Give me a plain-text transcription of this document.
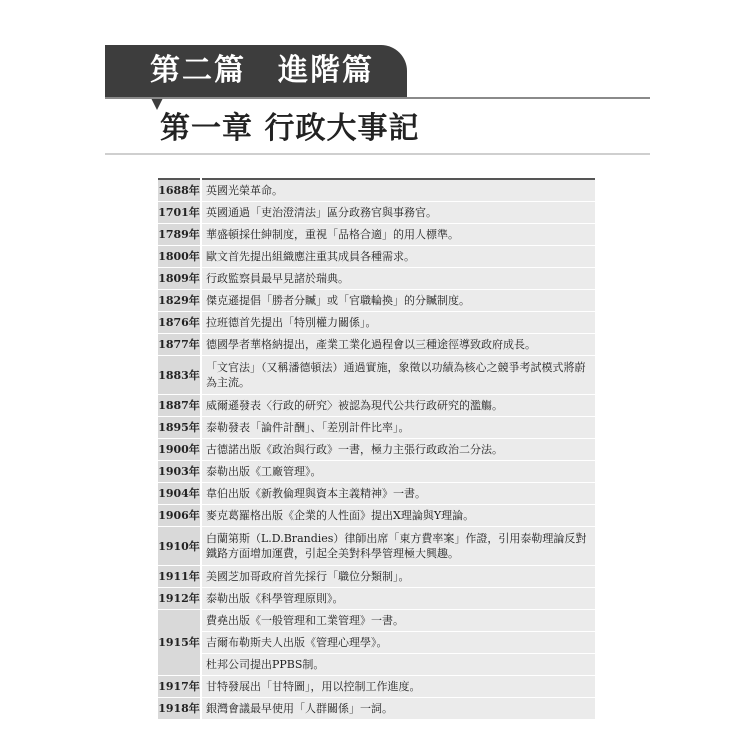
第二篇　進階篇
第一章 行政大事記
1688年	英國光榮革命。
1701年	英國通過「吏治澄清法」區分政務官與事務官。
1789年	華盛頓採仕紳制度，重視「品格合適」的用人標準。
1800年	歐文首先提出組織應注重其成員各種需求。
1809年	行政監察員最早見諸於瑞典。
1829年	傑克遜提倡「勝者分贓」或「官職輪換」的分贓制度。
1876年	拉班德首先提出「特別權力關係」。
1877年	德國學者華格納提出，產業工業化過程會以三種途徑導致政府成長。
1883年	「文官法」（又稱潘德頓法）通過實施，象徵以功績為核心之競爭考試模式將蔚為主流。
1887年	威爾遜發表〈行政的研究〉被認為現代公共行政研究的濫觴。
1895年	泰勒發表「論件計酬」、「差別計件比率」。
1900年	古德諾出版《政治與行政》一書，極力主張行政政治二分法。
1903年	泰勒出版《工廠管理》。
1904年	韋伯出版《新教倫理與資本主義精神》一書。
1906年	麥克葛羅格出版《企業的人性面》提出X理論與Y理論。
1910年	白蘭第斯（L.D.Brandies）律師出席「東方費率案」作證，引用泰勒理論反對鐵路方面增加運費，引起全美對科學管理極大興趣。
1911年	美國芝加哥政府首先採行「職位分類制」。
1912年	泰勒出版《科學管理原則》。
1915年	費堯出版《一般管理和工業管理》一書。
	吉爾布勒斯夫人出版《管理心理學》。
	杜邦公司提出PPBS制。
1917年	甘特發展出「甘特圖」，用以控制工作進度。
1918年	銀灣會議最早使用「人群關係」一詞。
